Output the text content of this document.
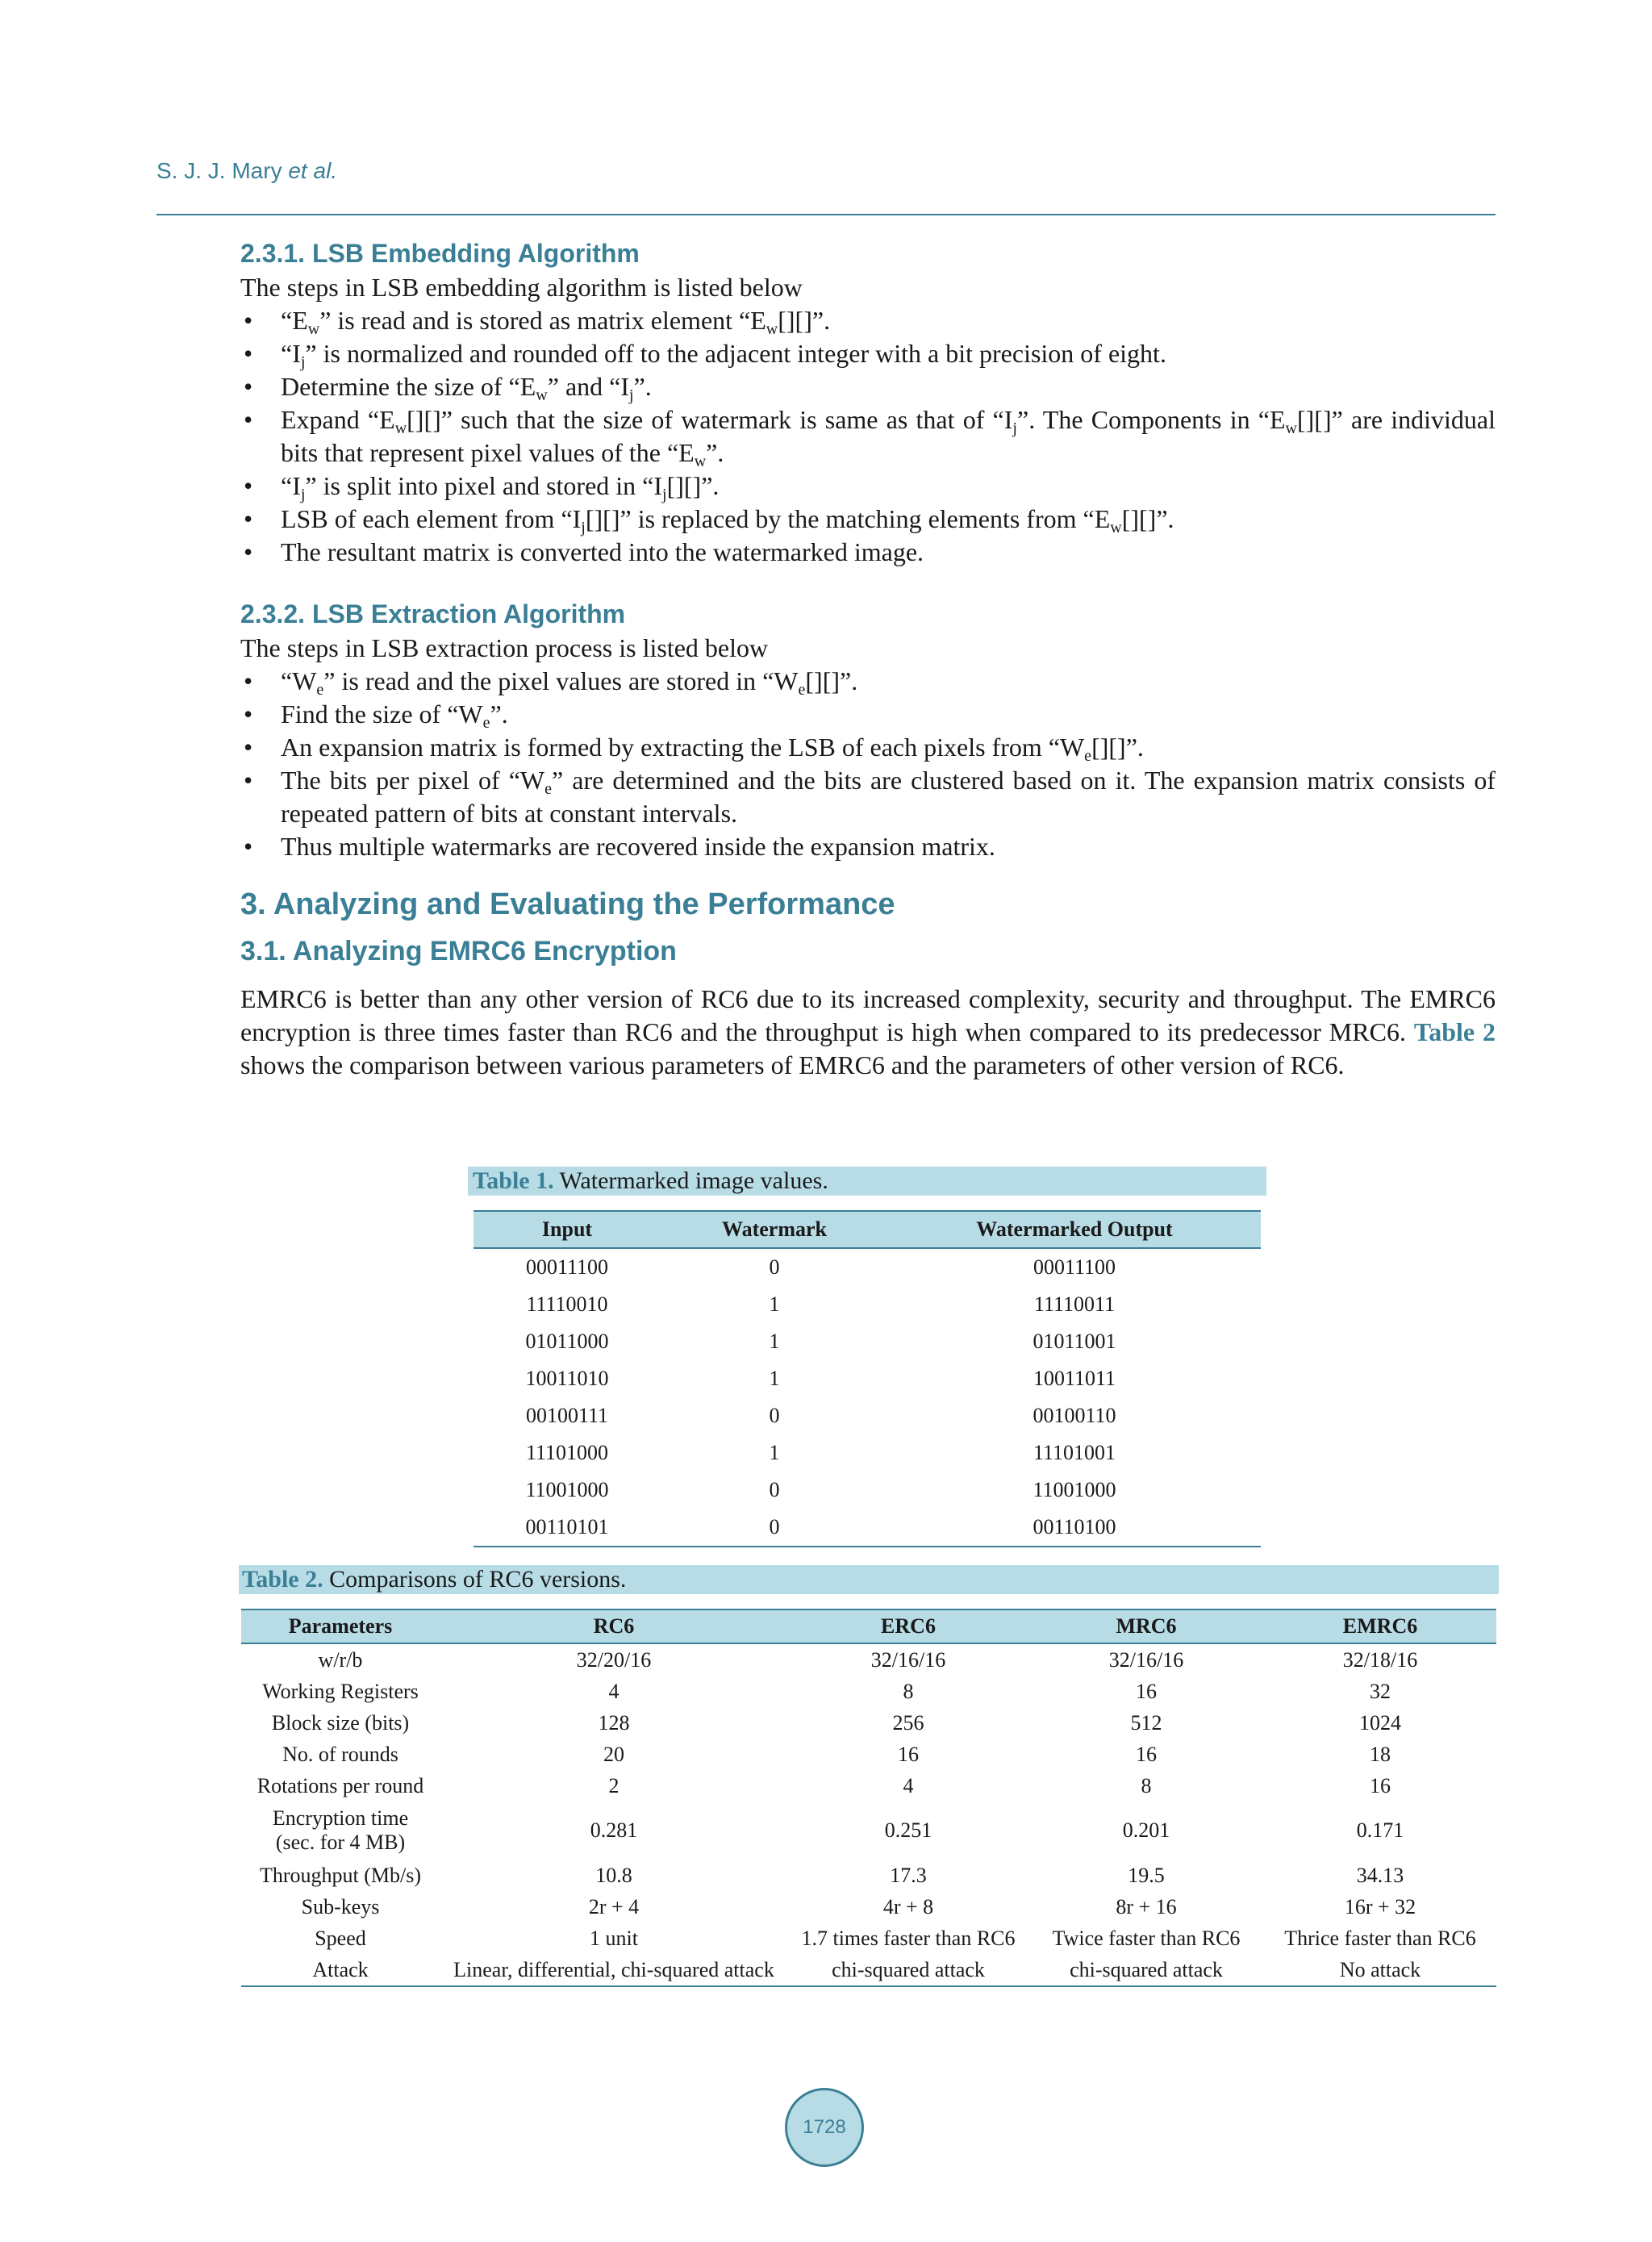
S. J. J. Mary et al.
2.3.1. LSB Embedding Algorithm

The steps in LSB embedding algorithm is listed below

• “$E_w$” is read and is stored as matrix element “$E_w[][]$”.
• “$I_j$” is normalized and rounded off to the adjacent integer with a bit precision of eight.
• Determine the size of “$E_w$” and “$I_j$”.
• Expand “$E_w[][]$” such that the size of watermark is same as that of “$I_j$”. The Components in “$E_w[][]$” are individual bits that represent pixel values of the “$E_w$”.
• “$I_j$” is split into pixel and stored in “$I_j[][]$”.
• LSB of each element from “$I_j[][]$” is replaced by the matching elements from “$E_w[][]$”.
• The resultant matrix is converted into the watermarked image.
2.3.2. LSB Extraction Algorithm

The steps in LSB extraction process is listed below

• “$W_e$” is read and the pixel values are stored in “$W_e[][]$”.
• Find the size of “$W_e$”.
• An expansion matrix is formed by extracting the LSB of each pixels from “$W_e[][]$”.
• The bits per pixel of “$W_e$” are determined and the bits are clustered based on it. The expansion matrix consists of repeated pattern of bits at constant intervals.
• Thus multiple watermarks are recovered inside the expansion matrix.
3. Analyzing and Evaluating the Performance
3.1. Analyzing EMRC6 Encryption

EMRC6 is better than any other version of RC6 due to its increased complexity, security and throughput. The EMRC6 encryption is three times faster than RC6 and the throughput is high when compared to its predecessor MRC6. Table 2 shows the comparison between various parameters of EMRC6 and the parameters of other version of RC6.

Table 1. Watermarked image values.
Input	Watermark	Watermarked Output
00011100	0	00011100
11110010	1	11110011
01011000	1	01011001
10011010	1	10011011
00100111	0	00100110
11101000	1	11101001
11001000	0	11001000
00110101	0	00110100
Table 2. Comparisons of RC6 versions.
Parameters	RC6	ERC6	MRC6	EMRC6
w/r/b	32/20/16	32/16/16	32/16/16	32/18/16
Working Registers	4	8	16	32
Block size (bits)	128	256	512	1024
No. of rounds	20	16	16	18
Rotations per round	2	4	8	16
Encryption time (sec. for 4 MB)	0.281	0.251	0.201	0.171
Throughput (Mb/s)	10.8	17.3	19.5	34.13
Sub-keys	2r + 4	4r + 8	8r + 16	16r + 32
Speed	1 unit	1.7 times faster than RC6	Twice faster than RC6	Thrice faster than RC6
Attack	Linear, differential, chi-squared attack	chi-squared attack	chi-squared attack	No attack
1728
